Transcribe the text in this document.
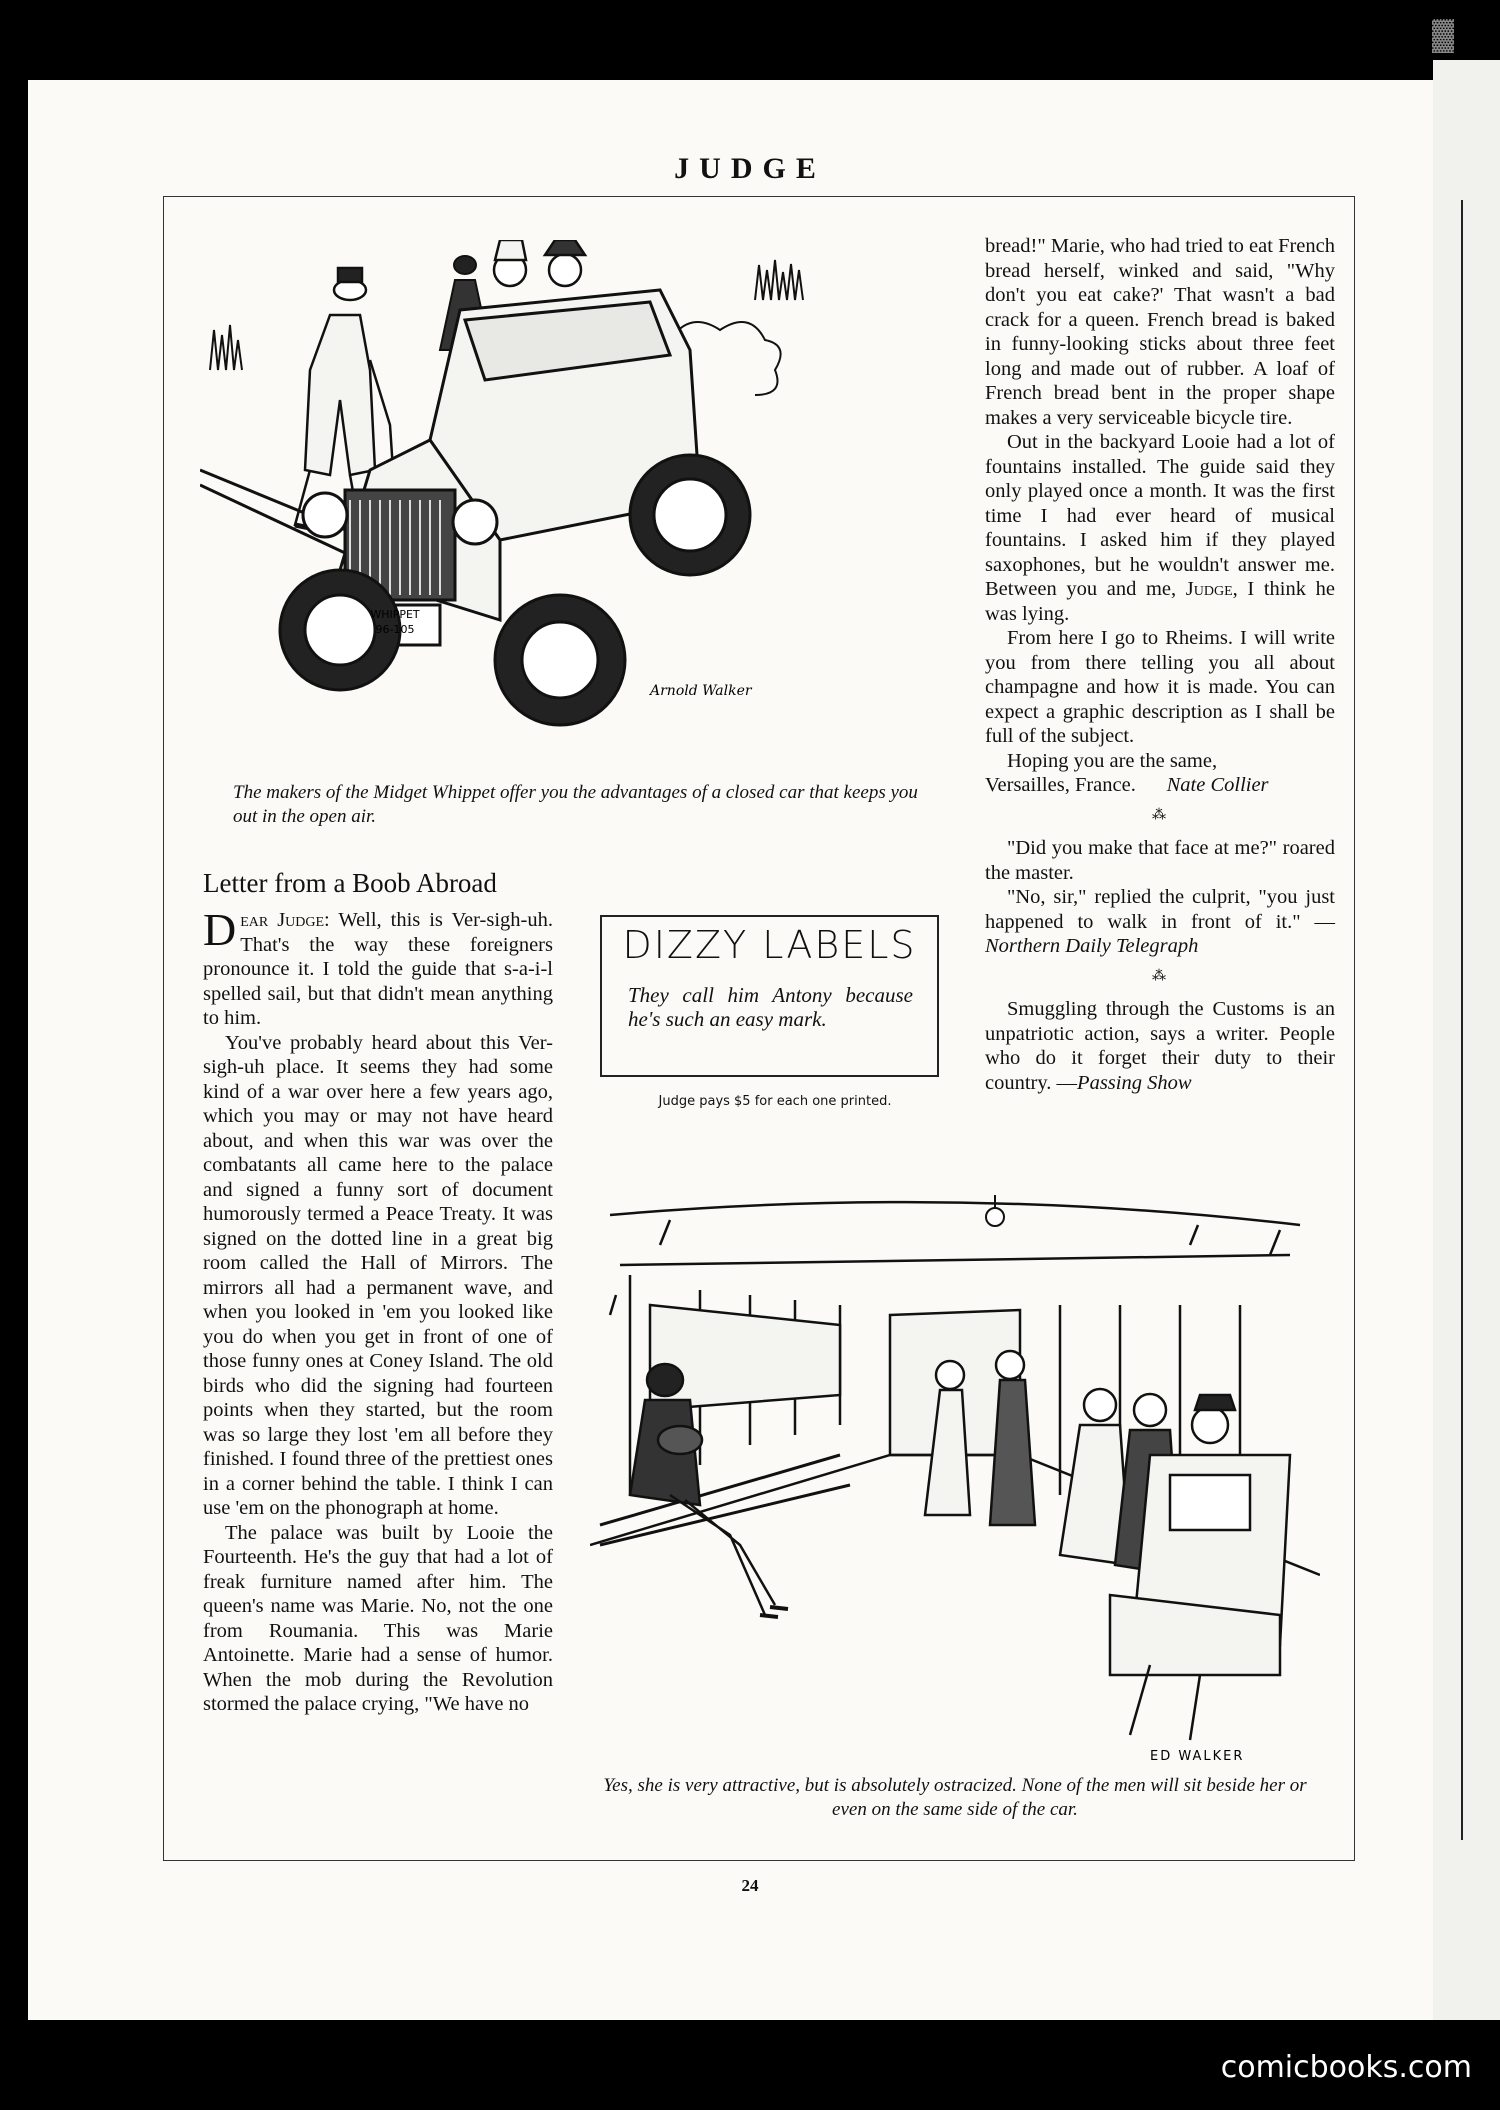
▓
JUDGE
WHIPPET
96-105
Arnold Walker
The makers of the Midget Whippet offer you the advantages of a closed car that keeps you out in the open air.

bread!" Marie, who had tried to eat French bread herself, winked and said, "Why don't you eat cake?' That wasn't a bad crack for a queen. French bread is baked in funny-looking sticks about three feet long and made out of rubber. A loaf of French bread bent in the proper shape makes a very serviceable bicycle tire.

Out in the backyard Looie had a lot of fountains installed. The guide said they only played once a month. It was the first time I had ever heard of musical fountains. I asked him if they played saxophones, but he wouldn't answer me. Between you and me, Judge, I think he was lying.

From here I go to Rheims. I will write you from there telling you all about champagne and how it is made. You can expect a graphic description as I shall be full of the subject.

Hoping you are the same,

Versailles, France. Nate Collier

⁂

"Did you make that face at me?" roared the master.

"No, sir," replied the culprit, "you just happened to walk in front of it." —Northern Daily Telegraph

⁂

Smuggling through the Customs is an unpatriotic action, says a writer. People who do it forget their duty to their country. —Passing Show

Letter from a Boob Abroad

Dear Judge: Well, this is Ver-sigh-uh. That's the way these foreigners pronounce it. I told the guide that s-a-i-l spelled sail, but that didn't mean anything to him.

You've probably heard about this Ver-sigh-uh place. It seems they had some kind of a war over here a few years ago, which you may or may not have heard about, and when this war was over the combatants all came here to the palace and signed a funny sort of document humorously termed a Peace Treaty. It was signed on the dotted line in a great big room called the Hall of Mirrors. The mirrors all had a permanent wave, and when you looked in 'em you looked like you do when you get in front of one of those funny ones at Coney Island. The old birds who did the signing had fourteen points when they started, but the room was so large they lost 'em all before they finished. I found three of the prettiest ones in a corner behind the table. I think I can use 'em on the phonograph at home.

The palace was built by Looie the Fourteenth. He's the guy that had a lot of freak furniture named after him. The queen's name was Marie. No, not the one from Roumania. This was Marie Antoinette. Marie had a sense of humor. When the mob during the Revolution stormed the palace crying, "We have no

DIZZY LABELS
They call him Antony because he's such an easy mark.
Judge pays $5 for each one printed.
ED WALKER
Yes, she is very attractive, but is absolutely ostracized. None of the men will sit beside her or even on the same side of the car.
24
comicbooks.com
